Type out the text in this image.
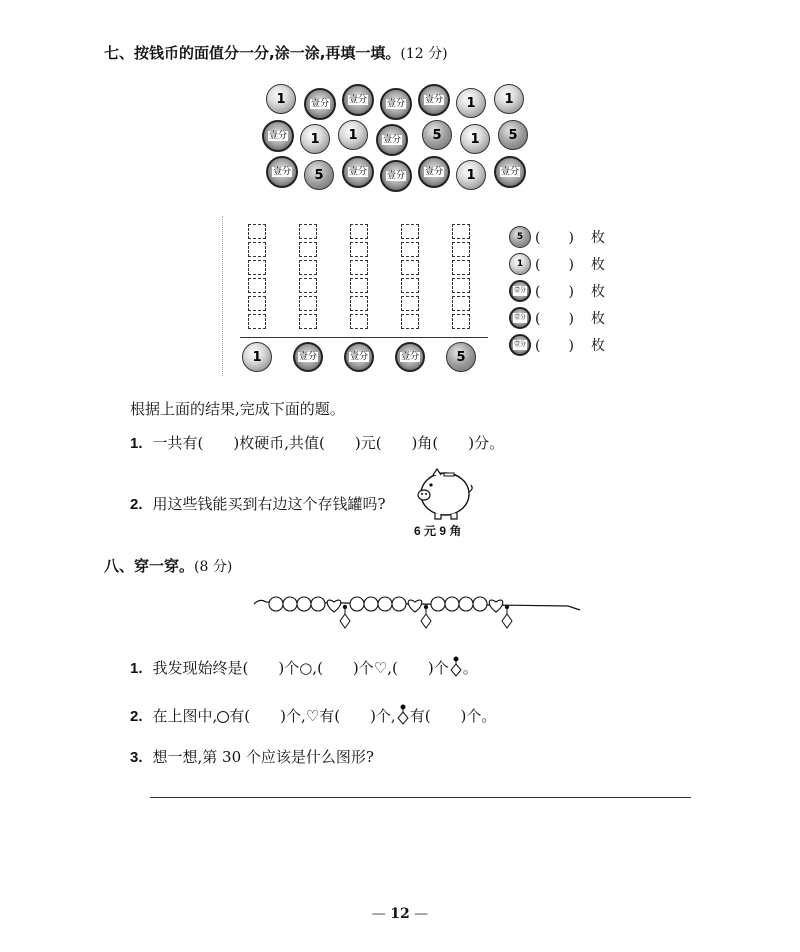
七、按钱币的面值分一分,涂一涂,再填一填。(12 分)
1	壹分 壹分 壹分 壹分 1 1
壹分 1 1	壹分 5 1 5
壹分 5	壹分 壹分 壹分 1	壹分
1	壹分	壹分	壹分	5
5 (　　)	枚
1 (　　)	枚
壹分 (　　)	枚
壹分 (　　)	枚
壹分 (　　)	枚
根据上面的结果,完成下面的题。
1. 一共有(　　)枚硬币,共值(　　)元(　　)角(　　)分。
2. 用这些钱能买到右边这个存钱罐吗?
6 元 9 角
八、穿一穿。(8 分)
1. 我发现始终是(　　)个○,(　　)个♡,(　　)个 。
2. 在上图中, 有(　　)个,♡有(　　)个, 有(　　)个。
3. 想一想,第 30 个应该是什么图形?
— 12 —
